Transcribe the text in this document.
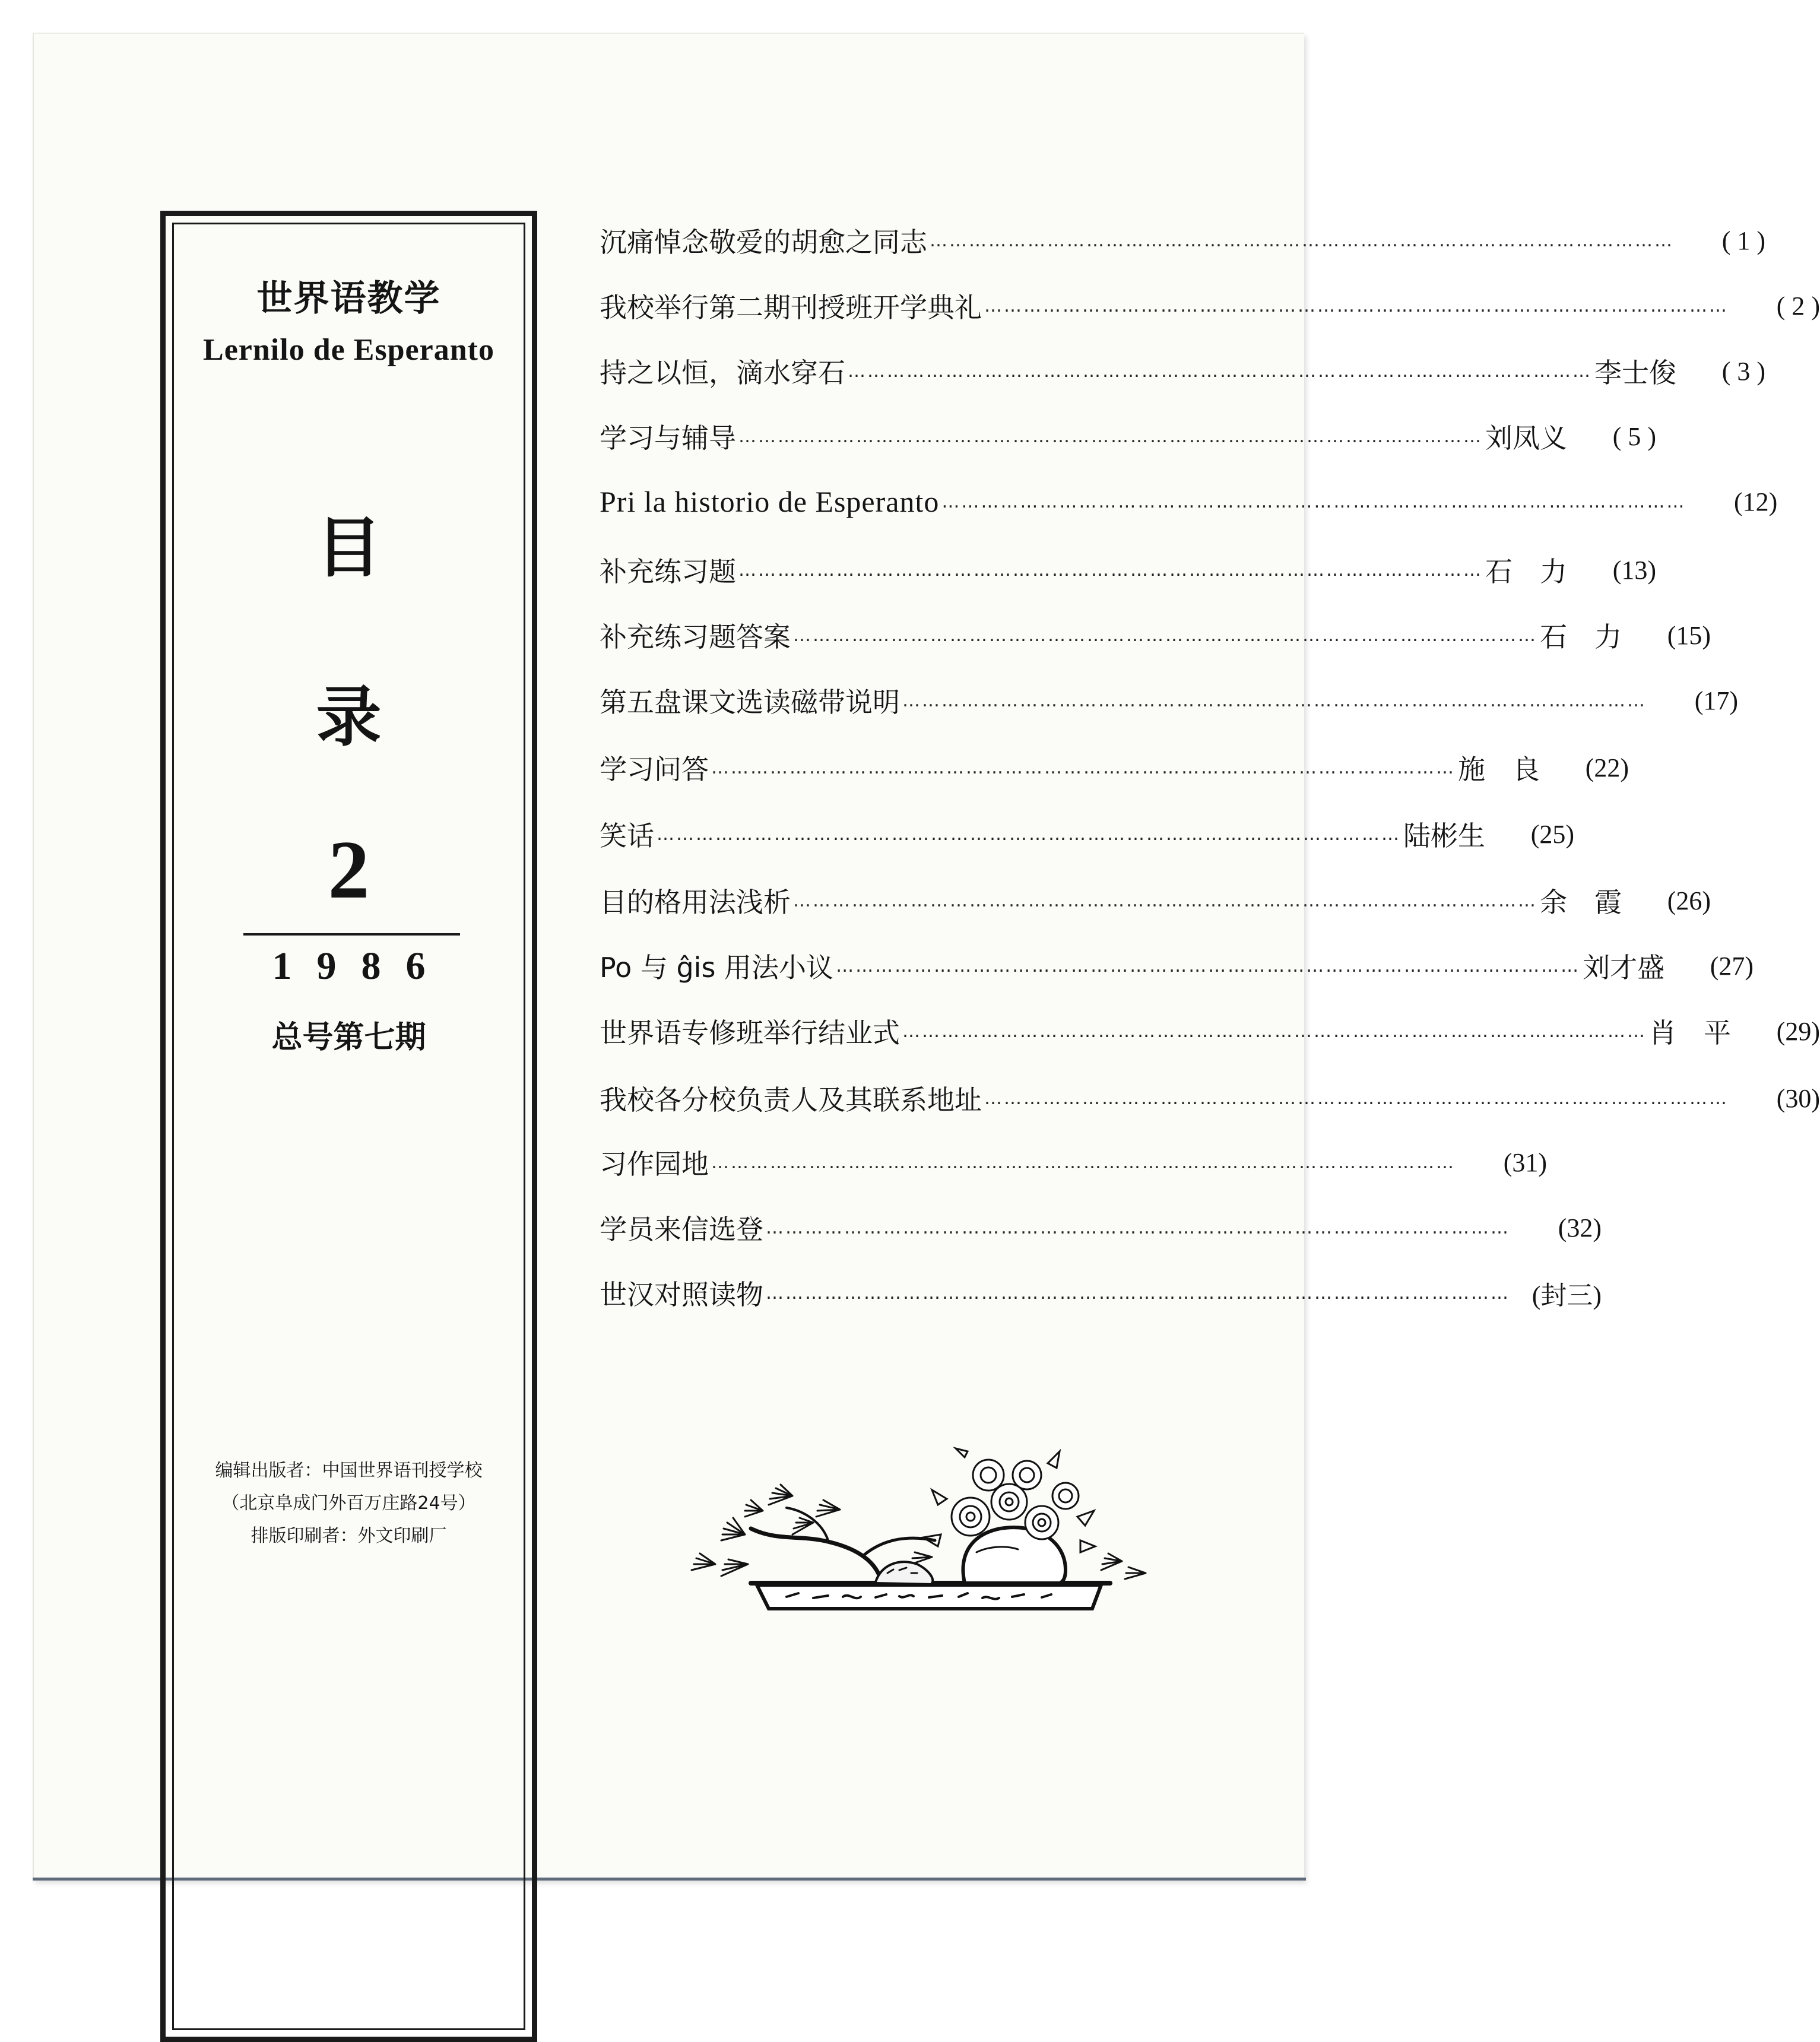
世界语教学
Lernilo de Esperanto
目
录
2
1986
总号第七期
编辑出版者：中国世界语刊授学校
（北京阜成门外百万庄路24号）
排版印刷者：外文印刷厂
沉痛悼念敬爱的胡愈之同志 ……………………………………………………………………………………………………	( 1 )
我校举行第二期刊授班开学典礼 ……………………………………………………………………………………………………	( 2 )
持之以恒，滴水穿石 …………………………………………………………………………………………………… 李士俊	( 3 )
学习与辅导 …………………………………………………………………………………………………… 刘凤义	( 5 )
Pri la historio de Esperanto ……………………………………………………………………………………………………	(12)
补充练习题 …………………………………………………………………………………………………… 石　力	(13)
补充练习题答案 …………………………………………………………………………………………………… 石　力	(15)
第五盘课文选读磁带说明 ……………………………………………………………………………………………………	(17)
学习问答 …………………………………………………………………………………………………… 施　良	(22)
笑话 …………………………………………………………………………………………………… 陆彬生	(25)
目的格用法浅析 …………………………………………………………………………………………………… 余　霞	(26)
Po 与 ĝis 用法小议 …………………………………………………………………………………………………… 刘才盛	(27)
世界语专修班举行结业式 …………………………………………………………………………………………………… 肖　平	(29)
我校各分校负责人及其联系地址 ……………………………………………………………………………………………………	(30)
习作园地 ……………………………………………………………………………………………………	(31)
学员来信选登 ……………………………………………………………………………………………………	(32)
世汉对照读物 …………………………………………………………………………………………………… (封三)
